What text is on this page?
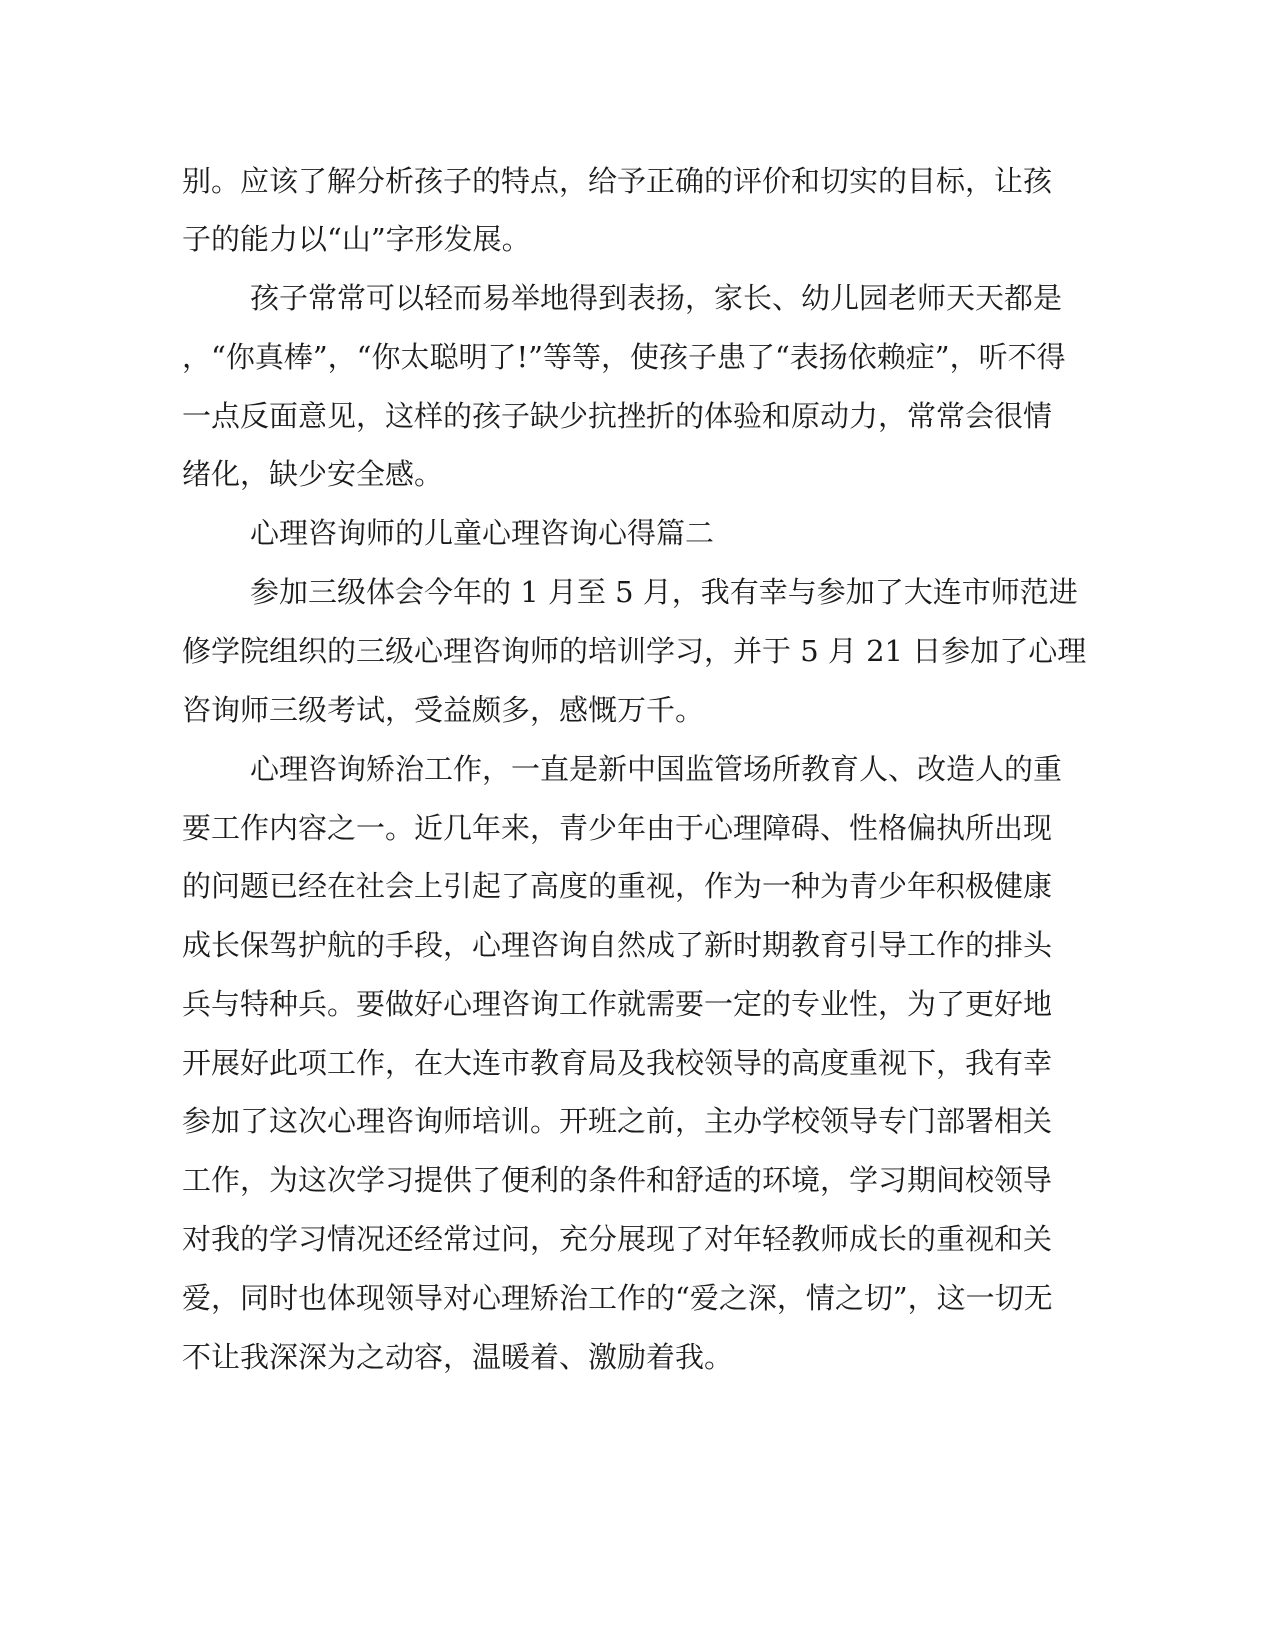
别。应该了解分析孩子的特点，给予正确的评价和切实的目标，让孩

子的能力以“山”字形发展。

孩子常常可以轻而易举地得到表扬，家长、幼儿园老师天天都是

，“你真棒”，“你太聪明了!”等等，使孩子患了“表扬依赖症”，听不得

一点反面意见，这样的孩子缺少抗挫折的体验和原动力，常常会很情

绪化，缺少安全感。

心理咨询师的儿童心理咨询心得篇二

参加三级体会今年的 1 月至 5 月，我有幸与参加了大连市师范进

修学院组织的三级心理咨询师的培训学习，并于 5 月 21 日参加了心理

咨询师三级考试，受益颇多，感慨万千。

心理咨询矫治工作，一直是新中国监管场所教育人、改造人的重

要工作内容之一。近几年来，青少年由于心理障碍、性格偏执所出现

的问题已经在社会上引起了高度的重视，作为一种为青少年积极健康

成长保驾护航的手段，心理咨询自然成了新时期教育引导工作的排头

兵与特种兵。要做好心理咨询工作就需要一定的专业性，为了更好地

开展好此项工作，在大连市教育局及我校领导的高度重视下，我有幸

参加了这次心理咨询师培训。开班之前，主办学校领导专门部署相关

工作，为这次学习提供了便利的条件和舒适的环境，学习期间校领导

对我的学习情况还经常过问，充分展现了对年轻教师成长的重视和关

爱，同时也体现领导对心理矫治工作的“爱之深，情之切”，这一切无

不让我深深为之动容，温暖着、激励着我。
